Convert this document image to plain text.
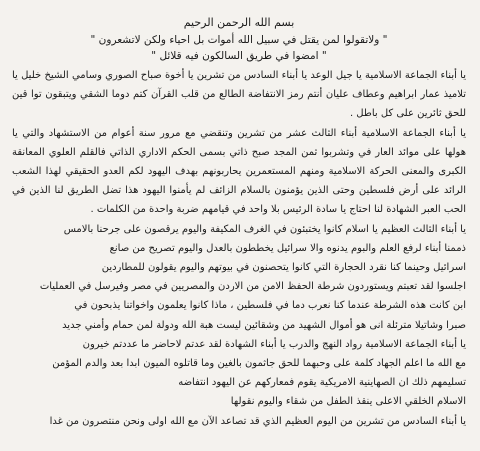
بسم الله الرحمن الرحيم
" ولاتقولوا لمن يقتل في سبيل الله أموات بل احياء ولكن لاتشعرون "
" امضوا في طريق السالكون فيه قلائل "

يا أبناء الجماعة الاسلامية يا جيل الوعد يا أبناء السادس من تشرين يا أخوة صباح الصوري وسامي الشيخ خليل يا تلاميذ عمار ابراهيم وعطاف عليان أنتم رمز الانتفاضة الطالع من قلب القرآن كتم دوما الشقي ويتبقون توا قين للحق ثائرين على كل باطل .

يا أبناء الجماعة الاسلامية أبناء الثالث عشر من تشرين وتنقضي مع مرور سنة أعوام من الاستشهاد والتي يا هولها على موائد العار في وتشربوا ثمن المجد صبح ذاتي بسمى الحكم الاداري الذاتي فالقلم العلوي المعانقة الكبرى والمعنى الحركة الاسلامية ومنهم المستعمرين يحاربونهم بهدف اليهود لكم العدو الحقيقي لهذا الشعب الرائد على أرض فلسطين وحتى الذين يؤمنون بالسلام الزائف لم يأمنوا اليهود هذا تضل الطريق لنا الذين في الحب العبر الشهادة لنا احتاج يا سادة الرئيس بلا واحد في قيامهم ضربة واحدة من الكلمات .

يا أبناء الثالث العظيم يا اسلام كانوا يختبئون في الغرف المكيفة واليوم يرقصون على جرحنا بالامس

ذممنا أبناء لرفع العلم والبوم يدنوه والا سرائيل يخططون بالعدل واليوم تصريح من صانع

اسرائيل وحينما كنا نقرد الحجارة التي كانوا يتحصنون في بيوتهم واليوم يقولون للمطاردين

اجلسوا لقد تعبتم ويستوردون شرطة الحفظ الامن من الاردن والمصريين في مصر وفيرسل في العمليات

ابن كانت هذه الشرطة عندما كنا نعرب دما في فلسطين ، ماذا كانوا يعلمون واخواتنا يذبحون في

صبرا وشاتيلا مترئلة انى هو أموال الشهيد من وشقائين ليست هبة الله ودولة لمن حمام وأمني جديد

يا أبناء الجماعة الاسلامية رواد النهج والدرب يا أبناء الشهادة لقد عدتم لاحاضر ما عددتم خيرون

مع الله ما اعلم الجهاد كلمة على وحبهما للحق جاثمون بالغين وما قاتلوه الميون ابدا بعد والدم المؤمن

تسليمهم ذلك ان الصهاينية الامريكية يقوم فمعاركهم عن اليهود انتفاضه

الاسلام الخلقي الاعلى ينقذ الطفل من شقاء واليوم نقولها

يا أبناء السادس من تشرين من اليوم العظيم الذي قد تصاعد الآن مع الله اولى ونحن منتصرون من غدا
